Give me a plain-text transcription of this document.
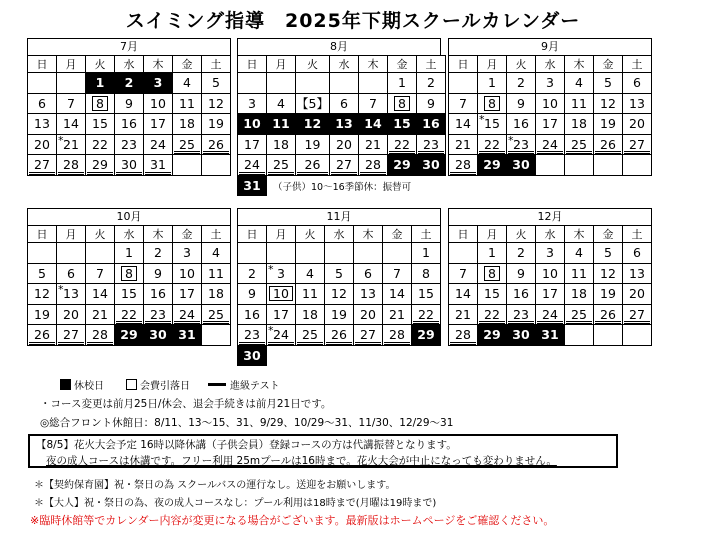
スイミング指導　2025年下期スクールカレンダー
7月
日	月	火	水	木	金	土
		1	2	3	4	5
6	7	8	9	10	11	12
13	14	15	16	17	18	19
20	* 21	22	23	24	25	26
27	28	29	30	31		
8月
日	月	火	水	木	金	土
					1	2
3	4	【5】	6	7	8	9
10	11	12	13	14	15	16
17	18	19	20	21	22	23
24	25	26	27	28	29	30
31	（子供）10～16季節休：振替可					
9月
日	月	火	水	木	金	土
	1	2	3	4	5	6
7	8	9	10	11	12	13
14	* 15	16	17	18	19	20
21	22	* 23	24	25	26	27
28	29	30				
10月
日	月	火	水	木	金	土
			1	2	3	4
5	6	7	8	9	10	11
12	* 13	14	15	16	17	18
19	20	21	22	23	24	25
26	27	28	29	30	31	
11月
日	月	火	水	木	金	土
						1
2	* 3	4	5	6	7	8
9	10	11	12	13	14	15
16	17	18	19	20	21	22
23	* 24	25	26	27	28	29
30						
12月
日	月	火	水	木	金	土
	1	2	3	4	5	6
7	8	9	10	11	12	13
14	15	16	17	18	19	20
21	22	23	24	25	26	27
28	29	30	31			
休校日	会費引落日	進級テスト
・コース変更は前月25日/休会、退会手続きは前月21日です。
◎総合フロント休館日：8/11、13～15、31、9/29、10/29～31、11/30、12/29～31
【8/5】花火大会予定 16時以降休講（子供会員）登録コースの方は代講振替となります。
夜の成人コースは休講です。フリー利用 25mプールは16時まで。花火大会が中止になっても変わりません。
＊【契約保育園】祝・祭日の為 スクールバスの運行なし。送迎をお願いします。
＊【大人】祝・祭日の為、夜の成人コースなし：プール利用は18時まで(月曜は19時まで)
※臨時休館等でカレンダー内容が変更になる場合がございます。最新版はホームページをご確認ください。
